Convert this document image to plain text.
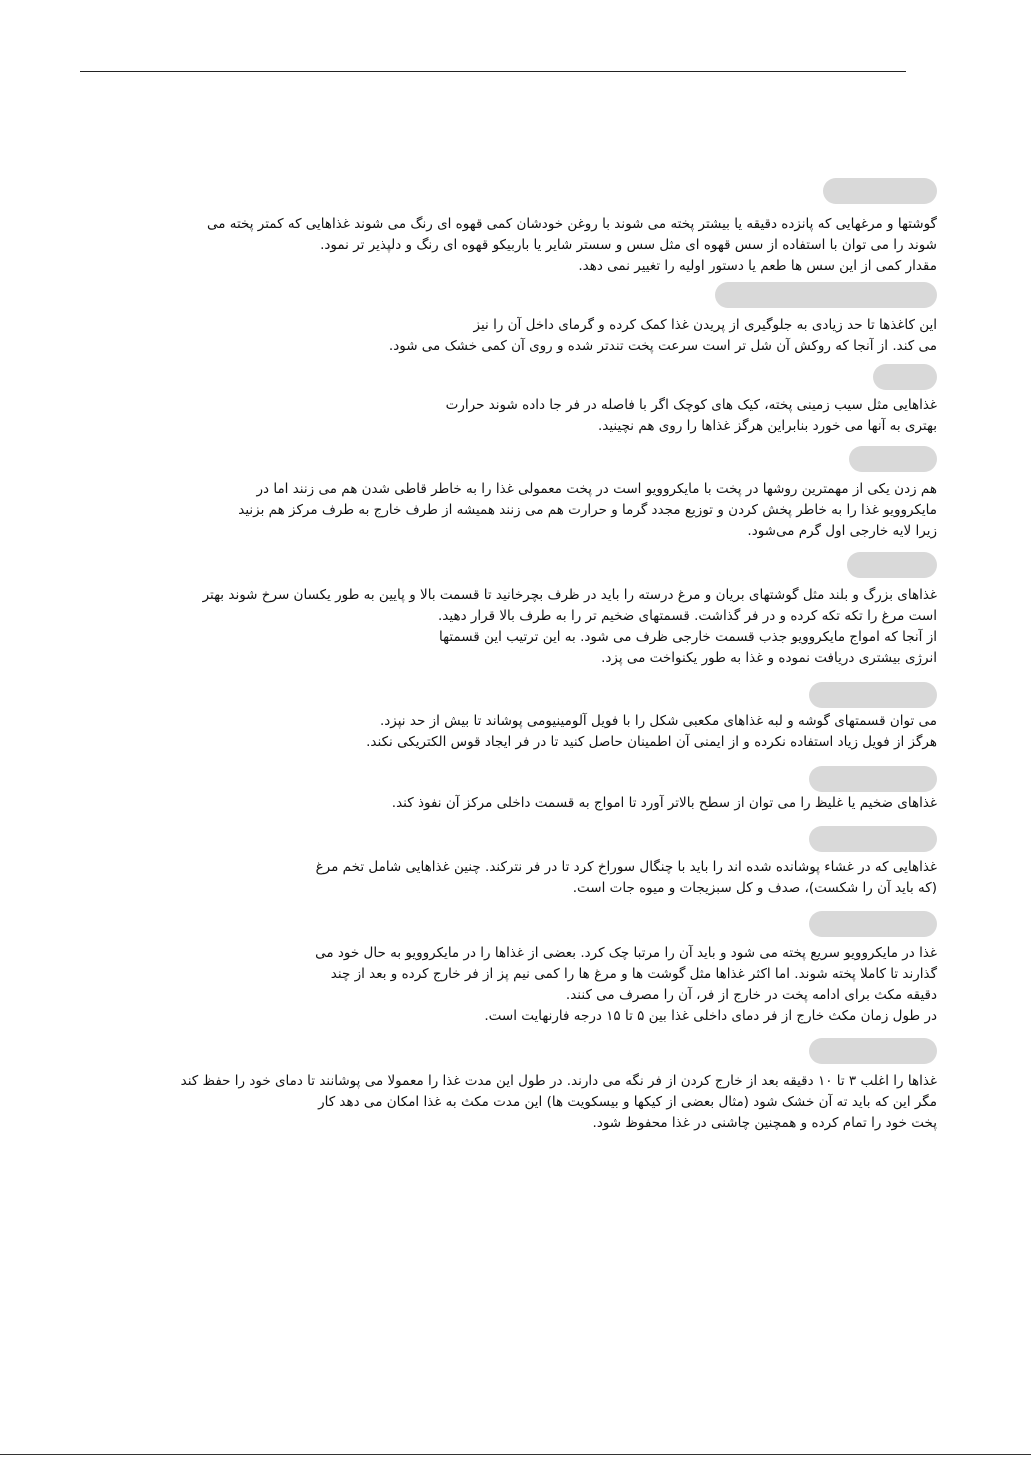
گوشتها و مرغهایی که پانزده دقیقه یا بیشتر پخته می شوند با روغن خودشان کمی قهوه ای رنگ می شوند غذاهایی که کمتر پخته می
شوند را می توان با استفاده از سس قهوه ای مثل سس و سستر شایر یا باربیکو قهوه ای رنگ و دلپذیر تر نمود.
مقدار کمی از این سس ها طعم یا دستور اولیه را تغییر نمی دهد.
این کاغذها تا حد زیادی به جلوگیری از پریدن غذا کمک کرده و گرمای داخل آن را نیز
می کند. از آنجا که روکش آن شل تر است سرعت پخت تندتر شده و روی آن کمی خشک می شود.
غذاهایی مثل سیب زمینی پخته، کیک های کوچک اگر با فاصله در فر جا داده شوند حرارت
بهتری به آنها می خورد بنابراین هرگز غذاها را روی هم نچینید.
هم زدن یکی از مهمترین روشها در پخت با مایکروویو است در پخت معمولی غذا را به خاطر قاطی شدن هم می زنند اما در
مایکروویو غذا را به خاطر پخش کردن و توزیع مجدد گرما و حرارت هم می زنند همیشه از طرف خارج به طرف مرکز هم بزنید
زیرا لایه خارجی اول گرم می‌شود.
غذاهای بزرگ و بلند مثل گوشتهای بریان و مرغ درسته را باید در ظرف بچرخانید تا قسمت بالا و پایین به طور یکسان سرخ شوند بهتر
است مرغ را تکه تکه کرده و در فر گذاشت. قسمتهای ضخیم تر را به طرف بالا قرار دهید.
از آنجا که امواج مایکروویو جذب قسمت خارجی ظرف می شود. به این ترتیب این قسمتها
انرژی بیشتری دریافت نموده و غذا به طور یکنواخت می پزد.
می توان قسمتهای گوشه و لبه غذاهای مکعبی شکل را با فویل آلومینیومی پوشاند تا بیش از حد نپزد.
هرگز از فویل زیاد استفاده نکرده و از ایمنی آن اطمینان حاصل کنید تا در فر ایجاد قوس الکتریکی نکند.
غذاهای ضخیم یا غلیظ را می توان از سطح بالاتر آورد تا امواج به قسمت داخلی مرکز آن نفوذ کند.
غذاهایی که در غشاء پوشانده شده اند را باید با چنگال سوراخ کرد تا در فر نترکند. چنین غذاهایی شامل تخم مرغ
(که باید آن را شکست)، صدف و کل سبزیجات و میوه جات است.
غذا در مایکروویو سریع پخته می شود و باید آن را مرتبا چک کرد. بعضی از غذاها را در مایکروویو به حال خود می
گذارند تا کاملا پخته شوند. اما اکثر غذاها مثل گوشت ها و مرغ ها را کمی نیم پز از فر خارج کرده و بعد از چند
دقیقه مکث برای ادامه پخت در خارج از فر، آن را مصرف می کنند.
در طول زمان مکث خارج از فر دمای داخلی غذا بین ۵ تا ۱۵ درجه فارنهایت است.
غذاها را اغلب ۳ تا ۱۰ دقیقه بعد از خارج کردن از فر نگه می دارند. در طول این مدت غذا را معمولا می پوشانند تا دمای خود را حفظ کند
مگر این که باید ته آن خشک شود (مثال بعضی از کیکها و بیسکویت ها) این مدت مکث به غذا امکان می دهد کار
پخت خود را تمام کرده و همچنین چاشنی در غذا محفوظ شود.
